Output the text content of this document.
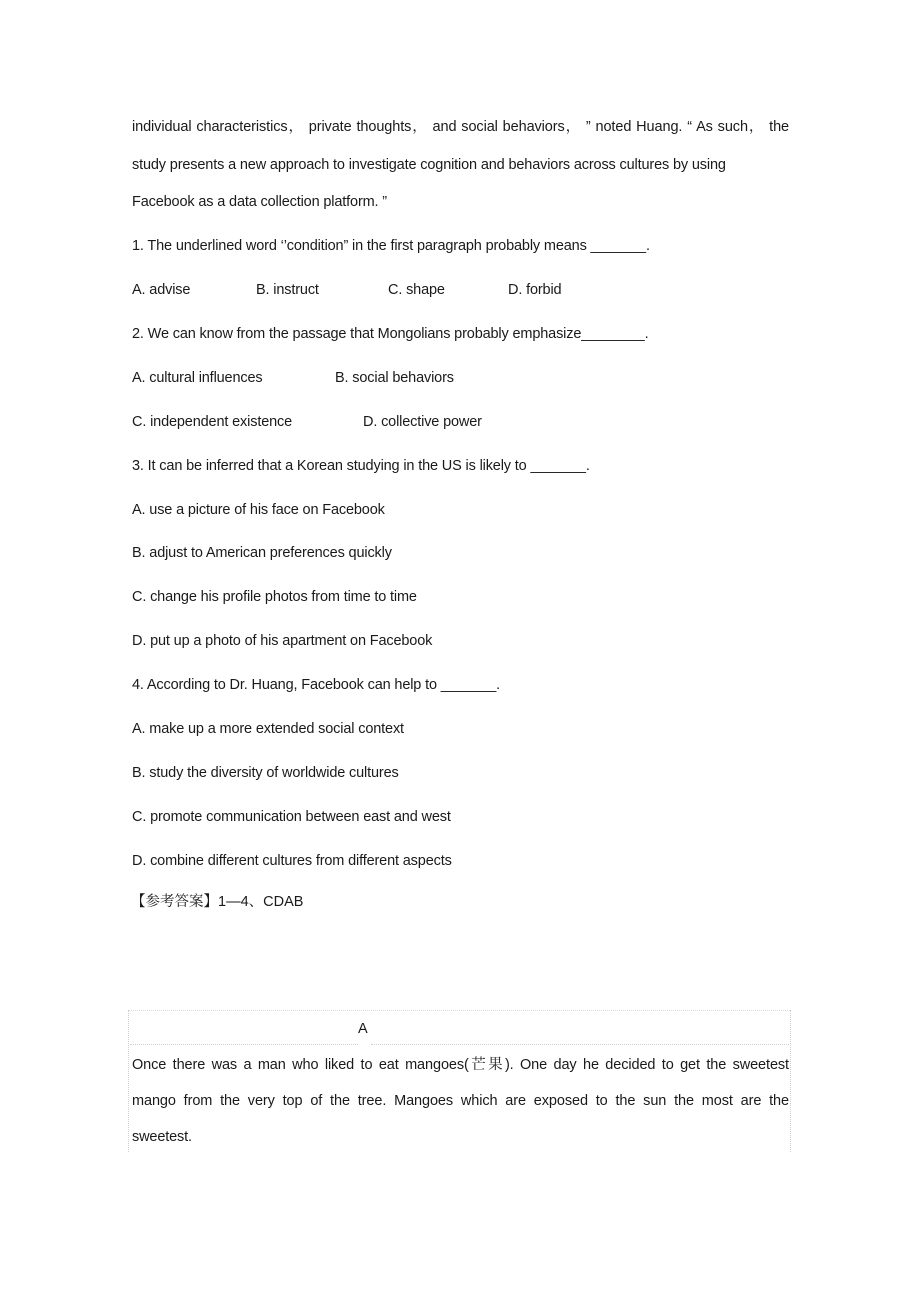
individual characteristics， private thoughts， and social behaviors， ” noted Huang. “ As such， the
study presents a new approach to investigate cognition and behaviors across cultures by using
Facebook as a data collection platform. ”
1. The underlined word ‘’condition” in the first paragraph probably means _______.
A. advise	B. instruct	C. shape	D. forbid
2. We can know from the passage that Mongolians probably emphasize________.
A. cultural influences	B. social behaviors
C. independent existence	D. collective power
3. It can be inferred that a Korean studying in the US is likely to _______.
A. use a picture of his face on Facebook
B. adjust to American preferences quickly
C. change his profile photos from time to time
D. put up a photo of his apartment on Facebook
4. According to Dr. Huang, Facebook can help to _______.
A. make up a more extended social context
B. study the diversity of worldwide cultures
C. promote communication between east and west
D. combine different cultures from different aspects
【参考答案】1—4、CDAB
A
Once there was a man who liked to eat mangoes(芒果). One day he decided to get the sweetest
mango from the very top of the tree. Mangoes which are exposed to the sun the most are the
sweetest.
